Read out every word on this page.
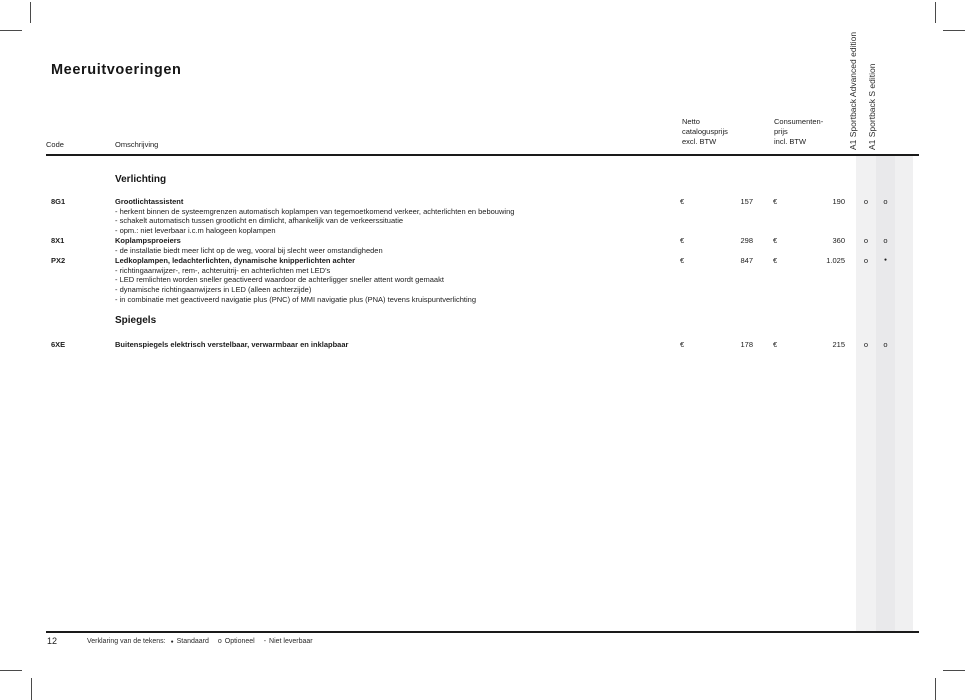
Meeruitvoeringen	A1 Sportback Advanced edition A1 Sportback S edition
Code	Omschrijving
Netto
catalogusprijs
excl. BTW
Consumenten-
prijs
incl. BTW
Verlichting
8G1	Grootlichtassistent
- herkent binnen de systeemgrenzen automatisch koplampen van tegemoetkomend verkeer, achterlichten en bebouwing
- schakelt automatisch tussen grootlicht en dimlicht, afhankelijk van de verkeerssituatie
- opm.: niet leverbaar i.c.m halogeen koplampen
€	157	€	190	o	o
8X1	Koplampsproeiers
- de installatie biedt meer licht op de weg, vooral bij slecht weer omstandigheden
€	298	€	360	o	o
PX2	Ledkoplampen, ledachterlichten, dynamische knipperlichten achter
- richtingaanwijzer-, rem-, achteruitrij- en achterlichten met LED's
- LED remlichten worden sneller geactiveerd waardoor de achterligger sneller attent wordt gemaakt
- dynamische richtingaanwijzers in LED (alleen achterzijde)
- in combinatie met geactiveerd navigatie plus (PNC) of MMI navigatie plus (PNA) tevens kruispuntverlichting
€	847	€	1.025	o	●
Spiegels
6XE	Buitenspiegels elektrisch verstelbaar, verwarmbaar en inklapbaar	€	178	€	215	o	o
12	Verklaring van de tekens: ● Standaard o Optioneel - Niet leverbaar
